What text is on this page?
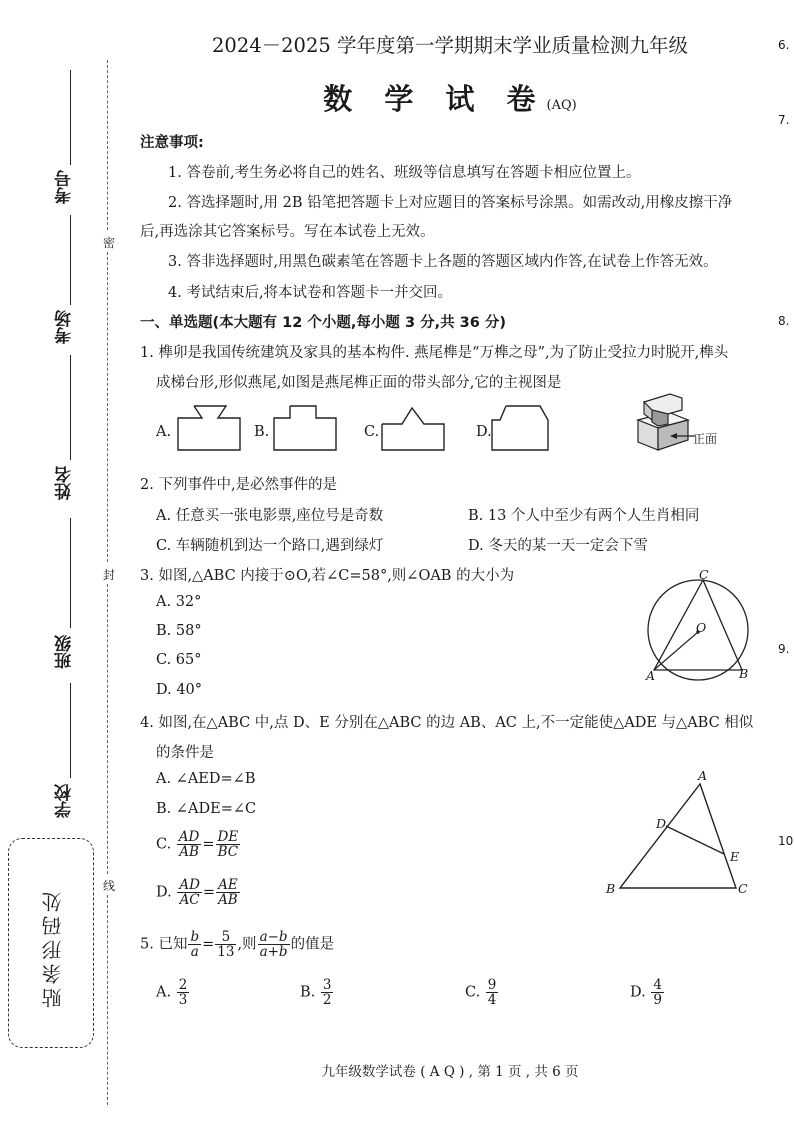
考号
考场
姓名
班级
学校
贴条形码处
密
封
线
6.
7.
8.
9.
10
2024－2025 学年度第一学期期末学业质量检测九年级
数 学 试 卷(AQ)
注意事项:
1. 答卷前,考生务必将自己的姓名、班级等信息填写在答题卡相应位置上。
2. 答选择题时,用 2B 铅笔把答题卡上对应题目的答案标号涂黑。如需改动,用橡皮擦干净
后,再选涂其它答案标号。写在本试卷上无效。
3. 答非选择题时,用黑色碳素笔在答题卡上各题的答题区域内作答,在试卷上作答无效。
4. 考试结束后,将本试卷和答题卡一并交回。
一、单选题(本大题有 12 个小题,每小题 3 分,共 36 分)
1. 榫卯是我国传统建筑及家具的基本构件. 燕尾榫是“万榫之母”,为了防止受拉力时脱开,榫头
成梯台形,形似燕尾,如图是燕尾榫正面的带头部分,它的主视图是
A.	B.	C.	D.	正面
2. 下列事件中,是必然事件的是
A. 任意买一张电影票,座位号是奇数	B. 13 个人中至少有两个人生肖相同
C. 车辆随机到达一个路口,遇到绿灯	D. 冬天的某一天一定会下雪
3. 如图,△ABC 内接于⊙O,若∠C=58°,则∠OAB 的大小为
A. 32°
B. 58°
C. 65°
D. 40°
C
O
A	B
4. 如图,在△ABC 中,点 D、E 分别在△ABC 的边 AB、AC 上,不一定能使△ADE 与△ABC 相似
的条件是
A. ∠AED=∠B
B. ∠ADE=∠C
C. $\frac{AD}{AB} = \frac{DE}{BC}$
D. $\frac{AD}{AC} = \frac{AE}{AB}$
A
D
E
B	C
5. 已知 $\frac{b}{a} = \frac{5}{13}$ ,则 $\frac{a-b}{a+b}$ 的值是
A. $\frac{2}{3}$	B. $\frac{3}{2}$	C. $\frac{9}{4}$	D. $\frac{4}{9}$
九年级数学试卷 ( A Q ) , 第 1 页 , 共 6 页
